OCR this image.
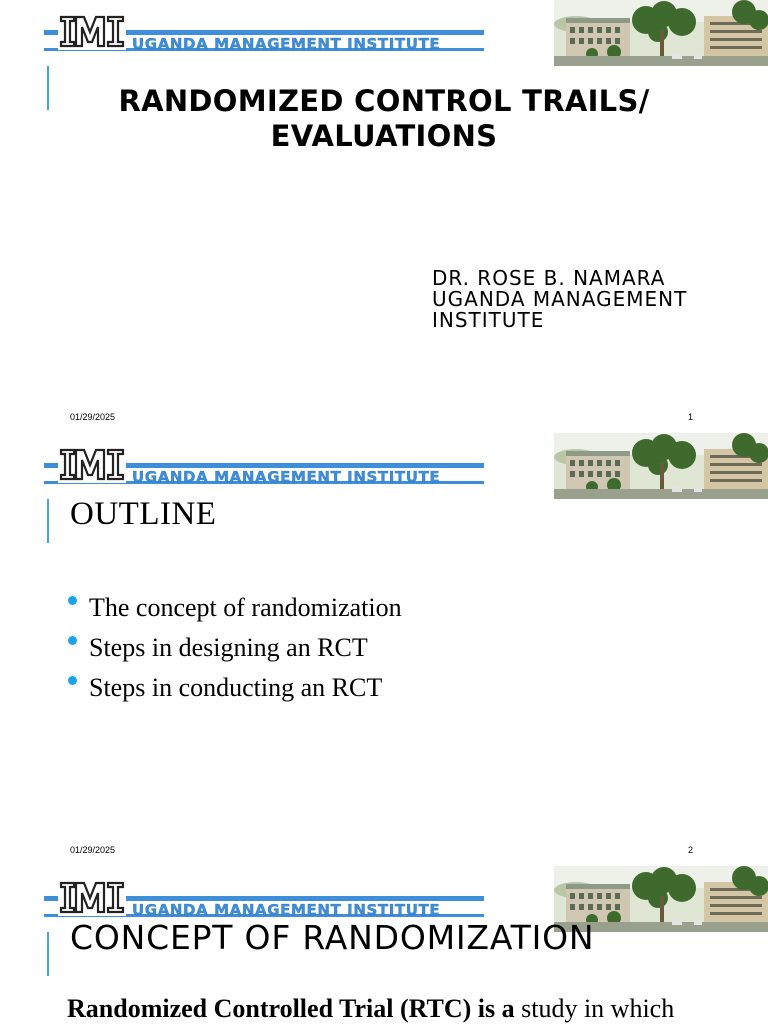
UGANDA MANAGEMENT INSTITUTE
RANDOMIZED CONTROL TRAILS/
EVALUATIONS
DR. ROSE B. NAMARA
UGANDA MANAGEMENT
INSTITUTE
01/29/2025	1
UGANDA MANAGEMENT INSTITUTE
OUTLINE
The concept of randomization
Steps in designing an RCT
Steps in conducting an RCT
01/29/2025	2
UGANDA MANAGEMENT INSTITUTE
CONCEPT OF RANDOMIZATION
Randomized Controlled Trial (RTC) is a study in which
